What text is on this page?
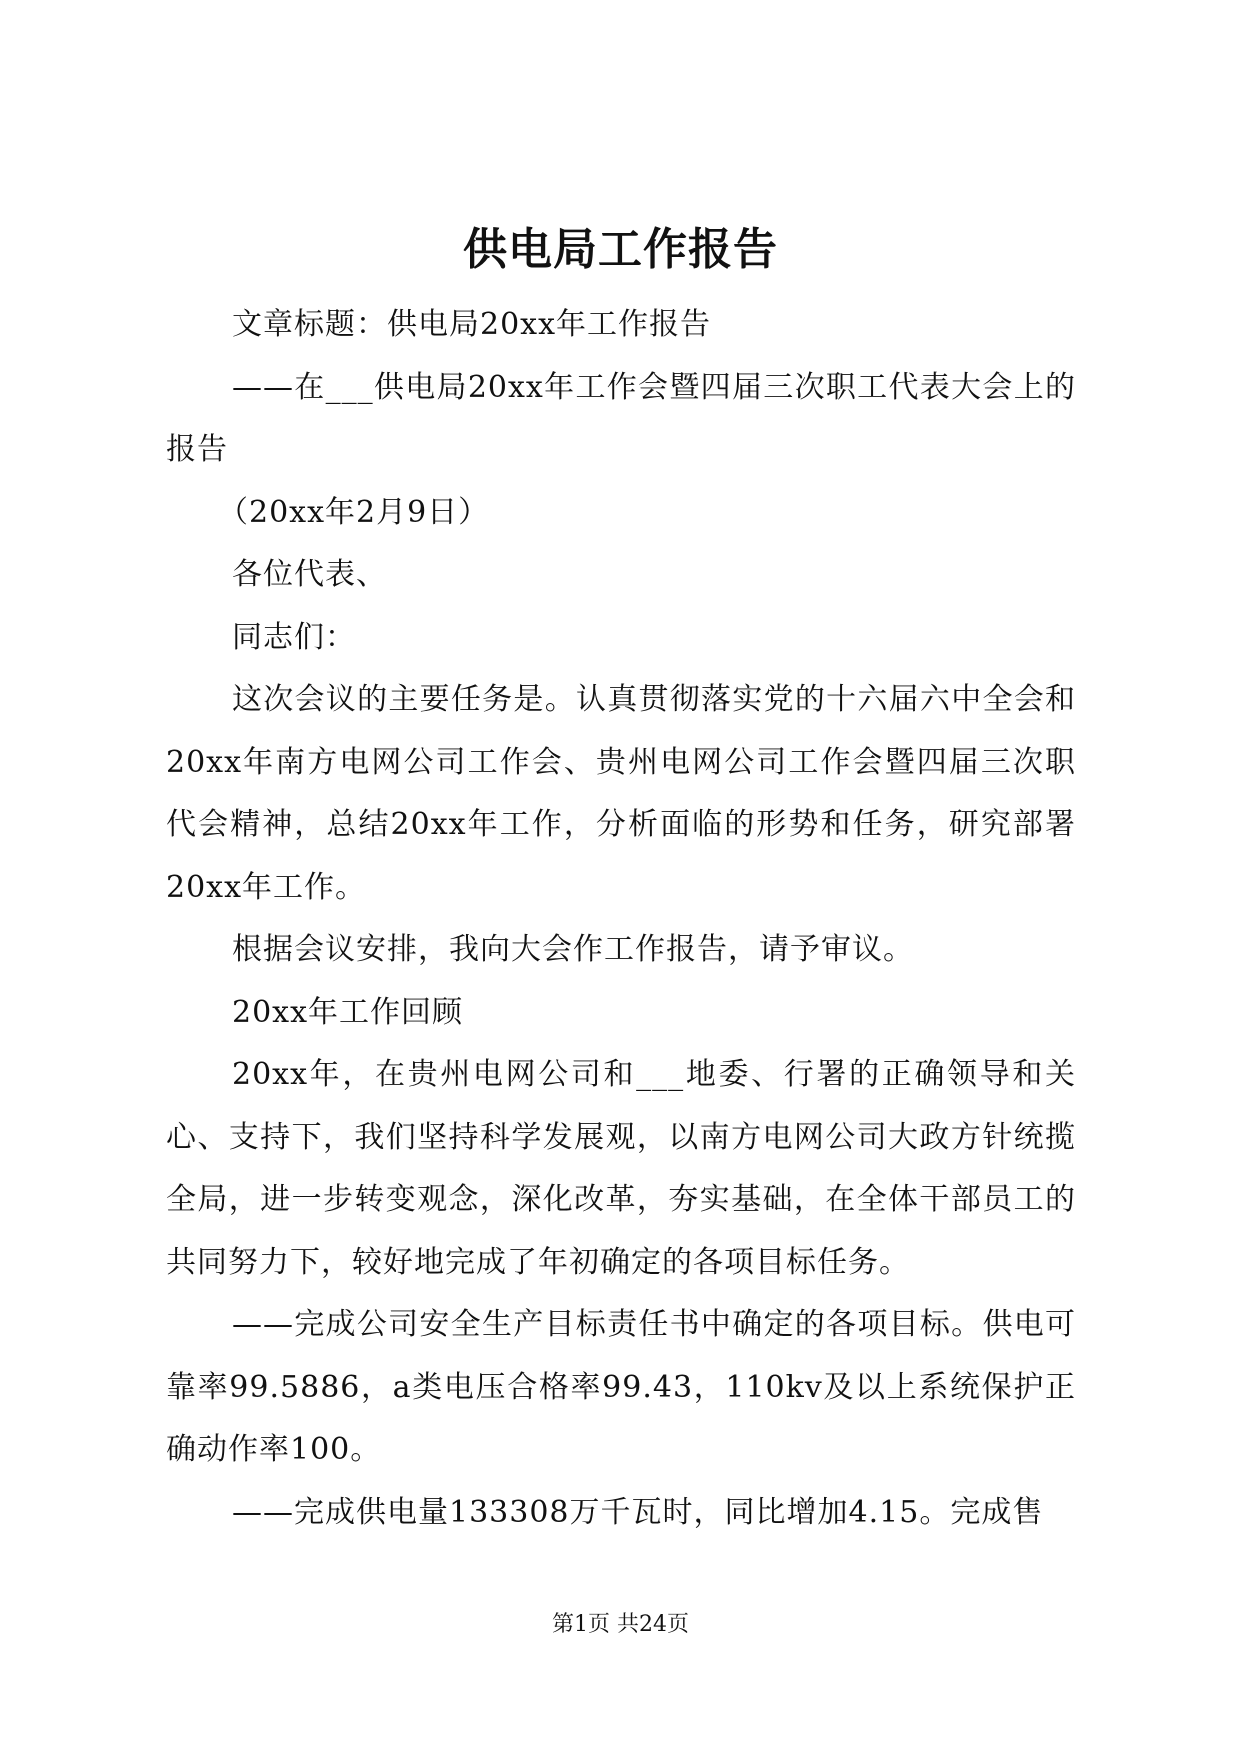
供电局工作报告

文章标题：供电局20xx年工作报告

——在___供电局20xx年工作会暨四届三次职工代表大会上的报告

（20xx年2月9日）

各位代表、

同志们：

这次会议的主要任务是。认真贯彻落实党的十六届六中全会和20xx年南方电网公司工作会、贵州电网公司工作会暨四届三次职代会精神，总结20xx年工作，分析面临的形势和任务，研究部署20xx年工作。

根据会议安排，我向大会作工作报告，请予审议。

20xx年工作回顾

20xx年，在贵州电网公司和___地委、行署的正确领导和关心、支持下，我们坚持科学发展观，以南方电网公司大政方针统揽全局，进一步转变观念，深化改革，夯实基础，在全体干部员工的共同努力下，较好地完成了年初确定的各项目标任务。

——完成公司安全生产目标责任书中确定的各项目标。供电可靠率99.5886，a类电压合格率99.43，110kv及以上系统保护正确动作率100。

——完成供电量133308万千瓦时，同比增加4.15。完成售

第1页 共24页
